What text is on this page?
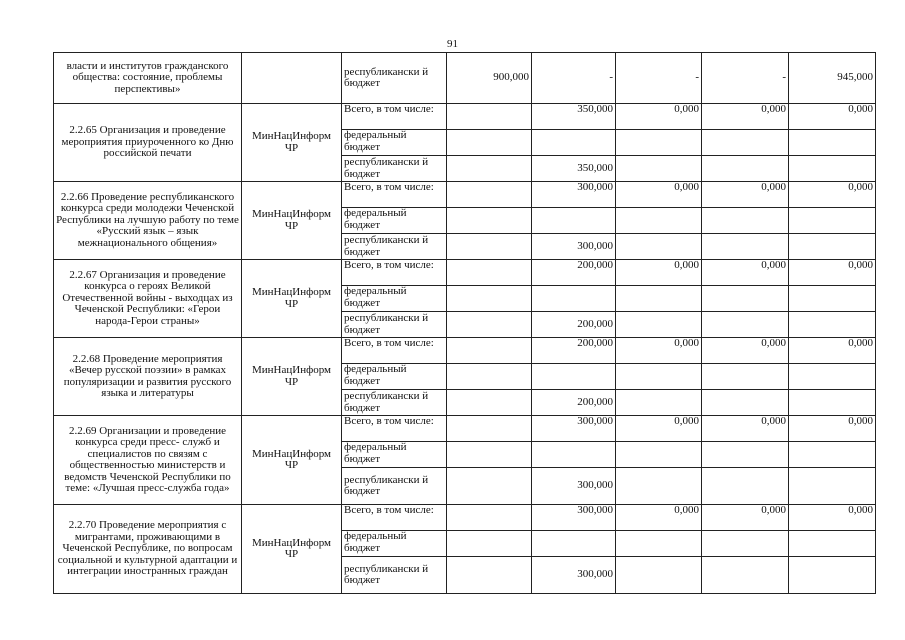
91
власти и институтов гражданского общества: состояние, проблемы перспективы»		республикански й бюджет	900,000	-	-	-	945,000
2.2.65 Организация и проведение мероприятия приуроченного ко Дню российской печати	МинНацИнформ ЧР	Всего, в том числе:		350,000	0,000	0,000	0,000
		федеральный бюджет					
		республикански й бюджет		350,000			
2.2.66 Проведение республиканского конкурса среди молодежи Чеченской Республики на лучшую работу по теме «Русский язык – язык межнационального общения»	МинНацИнформ ЧР	Всего, в том числе:		300,000	0,000	0,000	0,000
		федеральный бюджет					
		республикански й бюджет		300,000			
2.2.67 Организация и проведение конкурса о героях Великой Отечественной войны - выходцах из Чеченской Республики: «Герои народа-Герои страны»	МинНацИнформ ЧР	Всего, в том числе:		200,000	0,000	0,000	0,000
		федеральный бюджет					
		республикански й бюджет		200,000			
2.2.68 Проведение мероприятия «Вечер русской поэзии» в рамках популяризации и развития русского языка и литературы	МинНацИнформ ЧР	Всего, в том числе:		200,000	0,000	0,000	0,000
		федеральный бюджет					
		республикански й бюджет		200,000			
2.2.69 Организации и проведение конкурса среди пресс- служб и специалистов по связям с общественностью министерств и ведомств Чеченской Республики по теме: «Лучшая пресс-служба года»	МинНацИнформ ЧР	Всего, в том числе:		300,000	0,000	0,000	0,000
		федеральный бюджет					
		республикански й бюджет		300,000			
2.2.70 Проведение мероприятия с мигрантами, проживающими в Чеченской Республике, по вопросам социальной и культурной адаптации и интеграции иностранных граждан	МинНацИнформ ЧР	Всего, в том числе:		300,000	0,000	0,000	0,000
		федеральный бюджет					
		республикански й бюджет		300,000			
